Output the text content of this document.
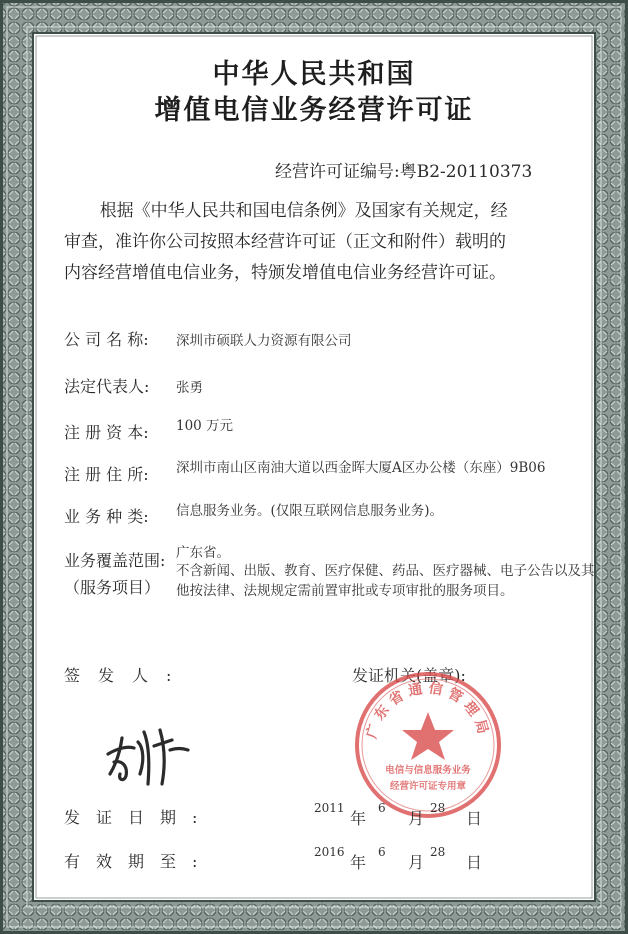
中华人民共和国
增值电信业务经营许可证
经营许可证编号:粤B2-20110373

根据《中华人民共和国电信条例》及国家有关规定，经

审查，准许你公司按照本经营许可证（正文和附件）载明的
内容经营增值电信业务，特颁发增值电信业务经营许可证。
公 司 名 称: 深圳市硕联人力资源有限公司
法定代表人: 张勇
注 册 资 本: 100 万元
注 册 住 所: 深圳市南山区南油大道以西金晖大厦A区办公楼（东座）9B06
业 务 种 类: 信息服务业务。(仅限互联网信息服务业务)。
业务覆盖范围:
（服务项目）
广东省。
不含新闻、出版、教育、医疗保健、药品、医疗器械、电子公告以及其他按法律、法规规定需前置审批或专项审批的服务项目。
签发人:	发证机关(盖章):
广东省通信管理局
电信与信息服务业务
经营许可证专用章
发证日期:	2011
年
6
月
28
日
有效期至:	2016
年
6
月
28
日
